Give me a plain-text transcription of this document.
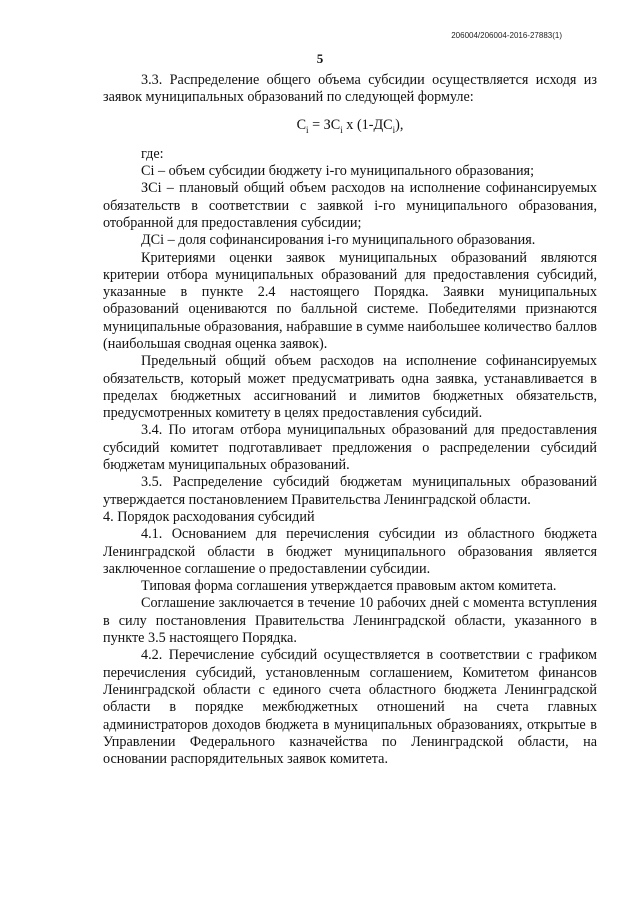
206004/206004-2016-27883(1)
5

3.3. Распределение общего объема субсидии осуществляется исходя из заявок муниципальных образований по следующей формуле:

$C_i = ЗC_i$ х $(1-ДC_i)$,

где:

Ci – объем субсидии бюджету i-го муниципального образования;

ЗCi – плановый общий объем расходов на исполнение софинансируемых обязательств в соответствии с заявкой i-го муниципального образования, отобранной для предоставления субсидии;

ДCi – доля софинансирования i-го муниципального образования.

Критериями оценки заявок муниципальных образований являются критерии отбора муниципальных образований для предоставления субсидий, указанные в пункте 2.4 настоящего Порядка. Заявки муниципальных образований оцениваются по балльной системе. Победителями признаются муниципальные образования, набравшие в сумме наибольшее количество баллов (наибольшая сводная оценка заявок).

Предельный общий объем расходов на исполнение софинансируемых обязательств, который может предусматривать одна заявка, устанавливается в пределах бюджетных ассигнований и лимитов бюджетных обязательств, предусмотренных комитету в целях предоставления субсидий.

3.4. По итогам отбора муниципальных образований для предоставления субсидий комитет подготавливает предложения о распределении субсидий бюджетам муниципальных образований.

3.5. Распределение субсидий бюджетам муниципальных образований утверждается постановлением Правительства Ленинградской области.

4. Порядок расходования субсидий

4.1. Основанием для перечисления субсидии из областного бюджета Ленинградской области в бюджет муниципального образования является заключенное соглашение о предоставлении субсидии.

Типовая форма соглашения утверждается правовым актом комитета.

Соглашение заключается в течение 10 рабочих дней с момента вступления в силу постановления Правительства Ленинградской области, указанного в пункте 3.5 настоящего Порядка.

4.2. Перечисление субсидий осуществляется в соответствии с графиком перечисления субсидий, установленным соглашением, Комитетом финансов Ленинградской области с единого счета областного бюджета Ленинградской области в порядке межбюджетных отношений на счета главных администраторов доходов бюджета в муниципальных образованиях, открытые в Управлении Федерального казначейства по Ленинградской области, на основании распорядительных заявок комитета.
